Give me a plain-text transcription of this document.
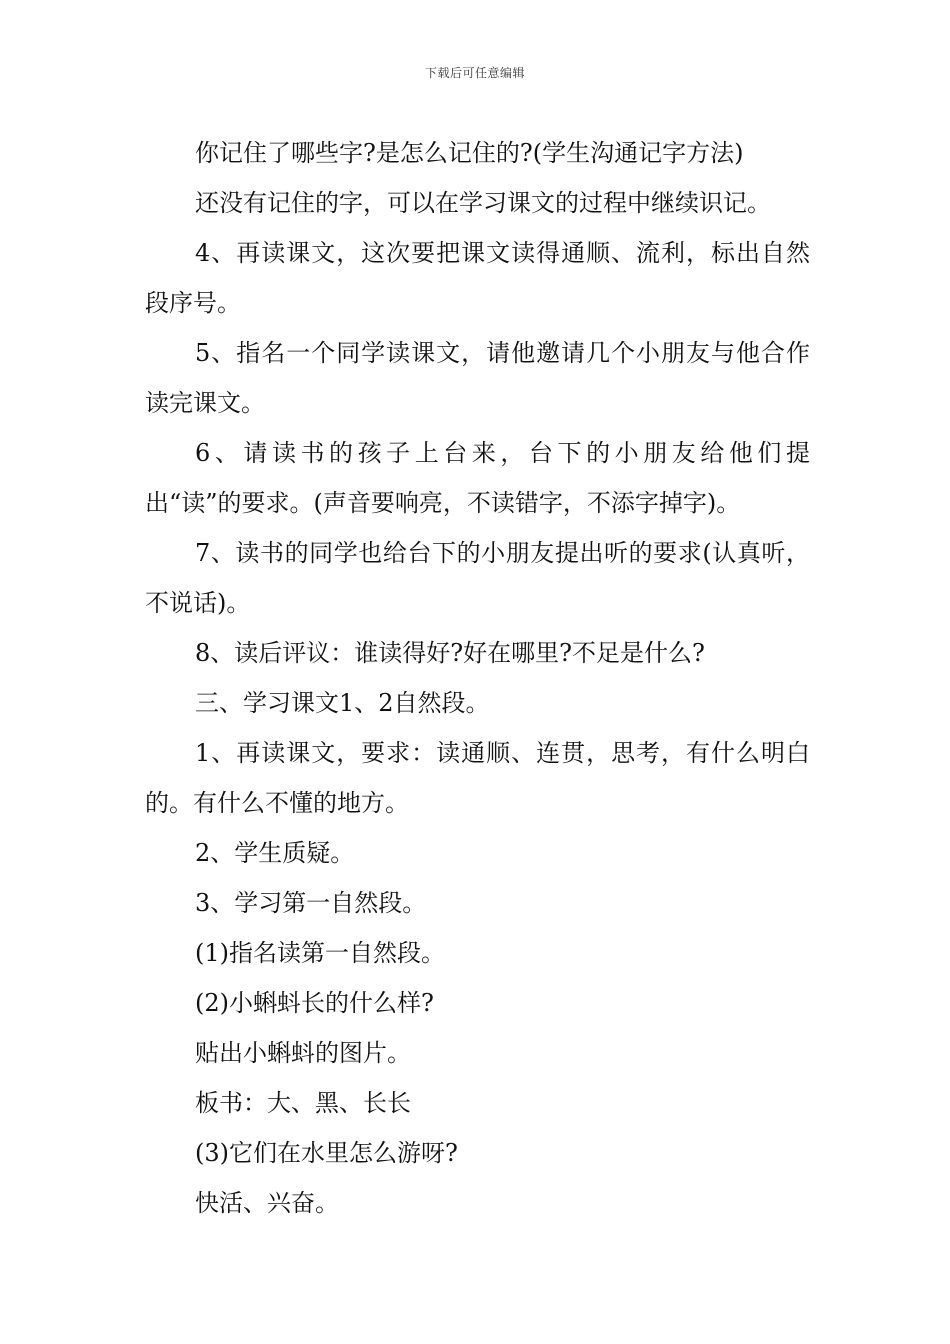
下载后可任意编辑

你记住了哪些字?是怎么记住的?(学生沟通记字方法)

还没有记住的字，可以在学习课文的过程中继续识记。

4、再读课文，这次要把课文读得通顺、流利，标出自然段序号。

5、指名一个同学读课文，请他邀请几个小朋友与他合作读完课文。

6、请读书的孩子上台来，台下的小朋友给他们提出“读”的要求。(声音要响亮，不读错字，不添字掉字)。

7、读书的同学也给台下的小朋友提出听的要求(认真听，不说话)。

8、读后评议：谁读得好?好在哪里?不足是什么?

三、学习课文1、2自然段。

1、再读课文，要求：读通顺、连贯，思考，有什么明白的。有什么不懂的地方。

2、学生质疑。

3、学习第一自然段。

(1)指名读第一自然段。

(2)小蝌蚪长的什么样?

贴出小蝌蚪的图片。

板书：大、黑、长长

(3)它们在水里怎么游呀?

快活、兴奋。
